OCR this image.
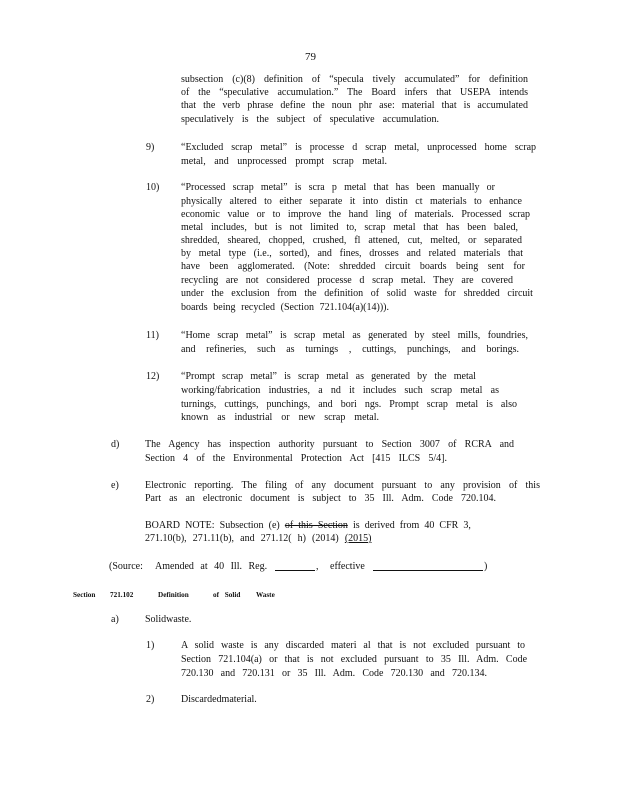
79
subsection (c)(8) definition of “specula tively accumulated” for definition
of the “speculative accumulation.” The Board infers that USEPA intends
that the verb phrase define the noun phr ase: material that is accumulated
speculatively is the subject of speculative accumulation.
9)	“Excluded scrap metal” is processe d scrap metal, unprocessed home scrap
metal, and unprocessed prompt scrap metal.
10) “Processed scrap metal” is scra p metal that has been manually or
physically altered to either separate it into distin ct materials to enhance
economic value or to improve the hand ling of materials. Processed scrap
metal includes, but is not limited to, scrap metal that has been baled,
shredded, sheared, chopped, crushed, fl attened, cut, melted, or separated
by metal type (i.e., sorted), and fines, drosses and related materials that
have been agglomerated. (Note: shredded circuit boards being sent for
recycling are not considered processe d scrap metal. They are covered
under the exclusion from the definition of solid waste for shredded circuit
boards being recycled (Section 721.104(a)(14))).
11) “Home scrap metal” is scrap metal as generated by steel mills, foundries,
and refineries, such as turnings , cuttings, punchings, and borings.
12) “Prompt scrap metal” is scrap metal as generated by the metal
working/fabrication industries, a nd it includes such scrap metal as
turnings, cuttings, punchings, and bori ngs. Prompt scrap metal is also
known as industrial or new scrap metal.
d)	The Agency has inspection authority pursuant to Section 3007 of RCRA and
Section 4 of the Environmental Protection Act [415 ILCS 5/4].
e)	Electronic reporting. The filing of any document pursuant to any provision of this
Part as an electronic document is subject to 35 Ill. Adm. Code 720.104.
BOARD NOTE: Subsection (e) of this Section is derived from 40 CFR 3,
271.10(b), 271.11(b), and 271.12( h) (2014) (2015)
(Source: Amended at 40 Ill. Reg.	, effective	)
Section 721.102	Definition	of Solid Waste
a)	Solidwaste.
1)	A solid waste is any discarded materi al that is not excluded pursuant to
Section 721.104(a) or that is not excluded pursuant to 35 Ill. Adm. Code
720.130 and 720.131 or 35 Ill. Adm. Code 720.130 and 720.134.
2)	Discardedmaterial.
